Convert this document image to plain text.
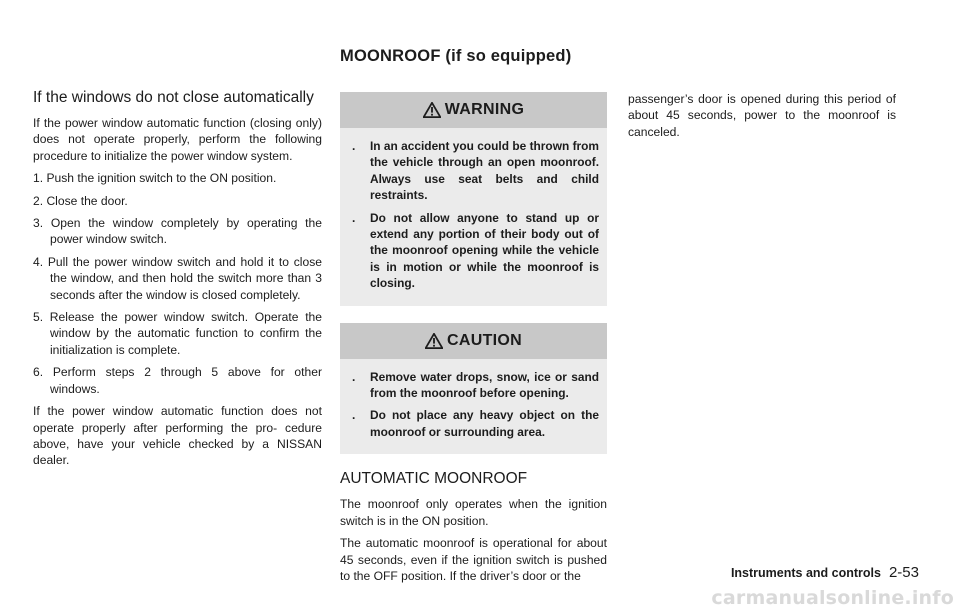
MOONROOF (if so equipped)
If the windows do not close automatically

If the power window automatic function (closing only) does not operate properly, perform the following procedure to initialize the power window system.

1. Push the ignition switch to the ON position.
2. Close the door.
3. Open the window completely by operating the power window switch.
4. Pull the power window switch and hold it to close the window, and then hold the switch more than 3 seconds after the window is closed completely.
5. Release the power window switch. Operate the window by the automatic function to confirm the initialization is complete.
6. Perform steps 2 through 5 above for other windows.

If the power window automatic function does not operate properly after performing the pro- cedure above, have your vehicle checked by a NISSAN dealer.

WARNING
. In an accident you could be thrown from the vehicle through an open moonroof. Always use seat belts and child restraints.
. Do not allow anyone to stand up or extend any portion of their body out of the moonroof opening while the vehicle is in motion or while the moonroof is closing.
CAUTION
. Remove water drops, snow, ice or sand from the moonroof before opening.
. Do not place any heavy object on the moonroof or surrounding area.
AUTOMATIC MOONROOF

The moonroof only operates when the ignition switch is in the ON position.

The automatic moonroof is operational for about 45 seconds, even if the ignition switch is pushed to the OFF position. If the driver’s door or the

passenger’s door is opened during this period of about 45 seconds, power to the moonroof is canceled.

Instruments and controls 2-53
carmanualsonline.info
